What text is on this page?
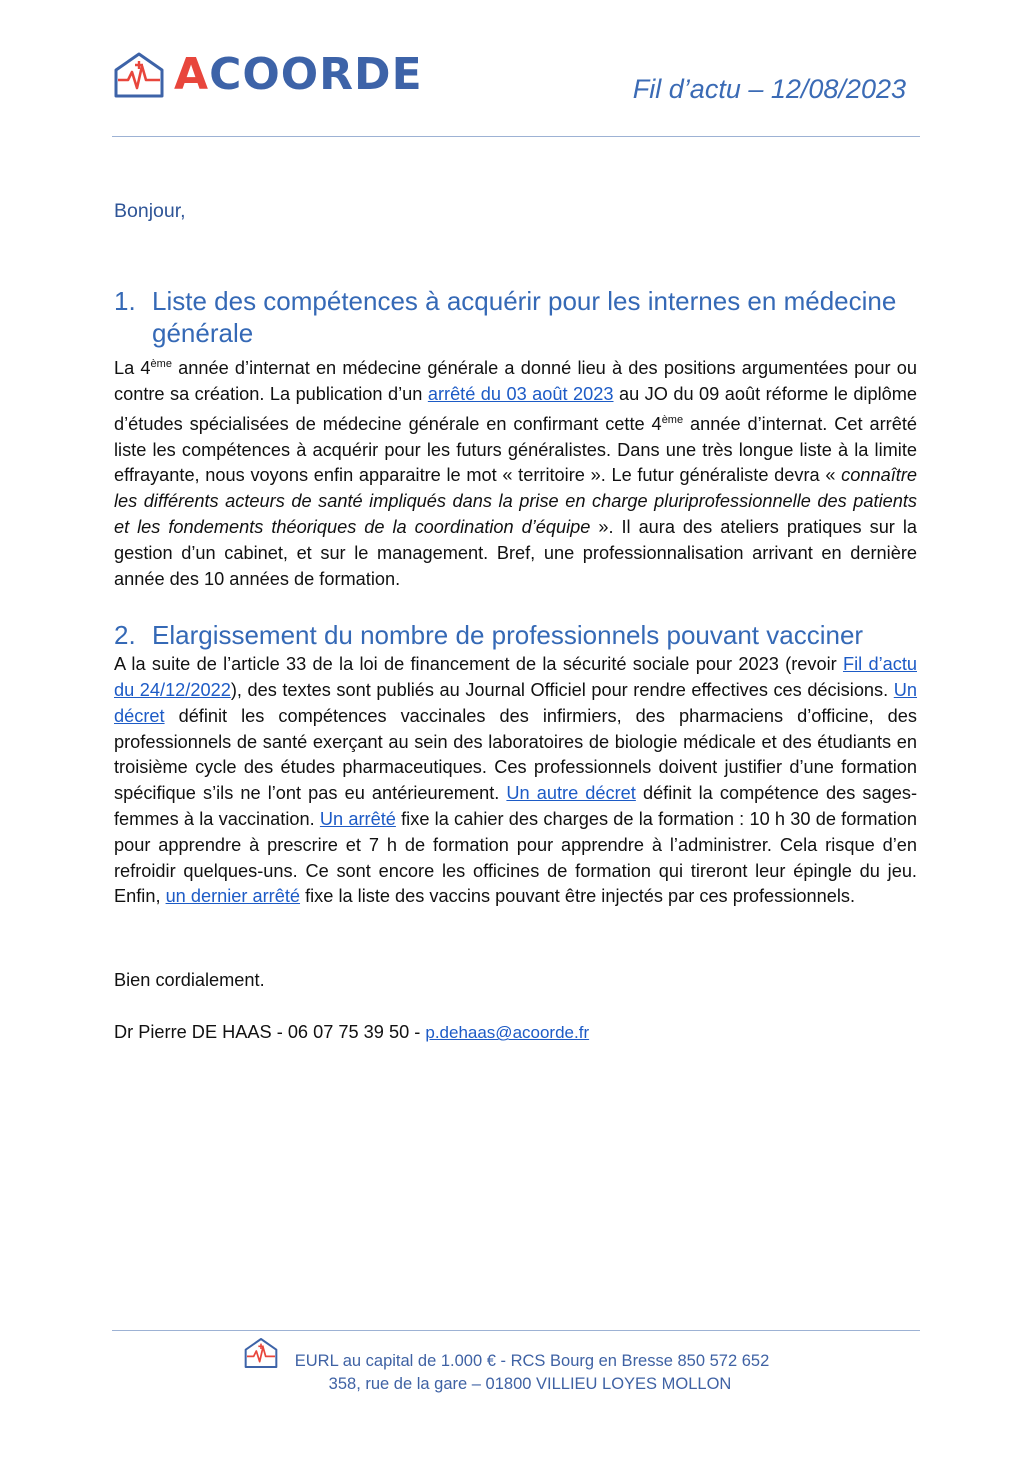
ACOORDE	Fil d’actu – 12/08/2023

Bonjour,

1. Liste des compétences à acquérir pour les internes en médecine générale

La 4ème année d’internat en médecine générale a donné lieu à des positions argumentées pour ou contre sa création. La publication d’un arrêté du 03 août 2023 au JO du 09 août réforme le diplôme d’études spécialisées de médecine générale en confirmant cette 4ème année d’internat. Cet arrêté liste les compétences à acquérir pour les futurs généralistes. Dans une très longue liste à la limite effrayante, nous voyons enfin apparaitre le mot « territoire ». Le futur généraliste devra « connaître les différents acteurs de santé impliqués dans la prise en charge pluriprofessionnelle des patients et les fondements théoriques de la coordination d’équipe ». Il aura des ateliers pratiques sur la gestion d’un cabinet, et sur le management. Bref, une professionnalisation arrivant en dernière année des 10 années de formation.

2. Elargissement du nombre de professionnels pouvant vacciner

A la suite de l’article 33 de la loi de financement de la sécurité sociale pour 2023 (revoir Fil d’actu du 24/12/2022), des textes sont publiés au Journal Officiel pour rendre effectives ces décisions. Un décret définit les compétences vaccinales des infirmiers, des pharmaciens d’officine, des professionnels de santé exerçant au sein des laboratoires de biologie médicale et des étudiants en troisième cycle des études pharmaceutiques. Ces professionnels doivent justifier d’une formation spécifique s’ils ne l’ont pas eu antérieurement. Un autre décret définit la compétence des sages-femmes à la vaccination. Un arrêté fixe la cahier des charges de la formation : 10 h 30 de formation pour apprendre à prescrire et 7 h de formation pour apprendre à l’administrer. Cela risque d’en refroidir quelques-uns. Ce sont encore les officines de formation qui tireront leur épingle du jeu. Enfin, un dernier arrêté fixe la liste des vaccins pouvant être injectés par ces professionnels.

Bien cordialement.

Dr Pierre DE HAAS - 06 07 75 39 50 - p.dehaas@acoorde.fr

EURL au capital de 1.000 € - RCS Bourg en Bresse 850 572 652
358, rue de la gare – 01800 VILLIEU LOYES MOLLON
